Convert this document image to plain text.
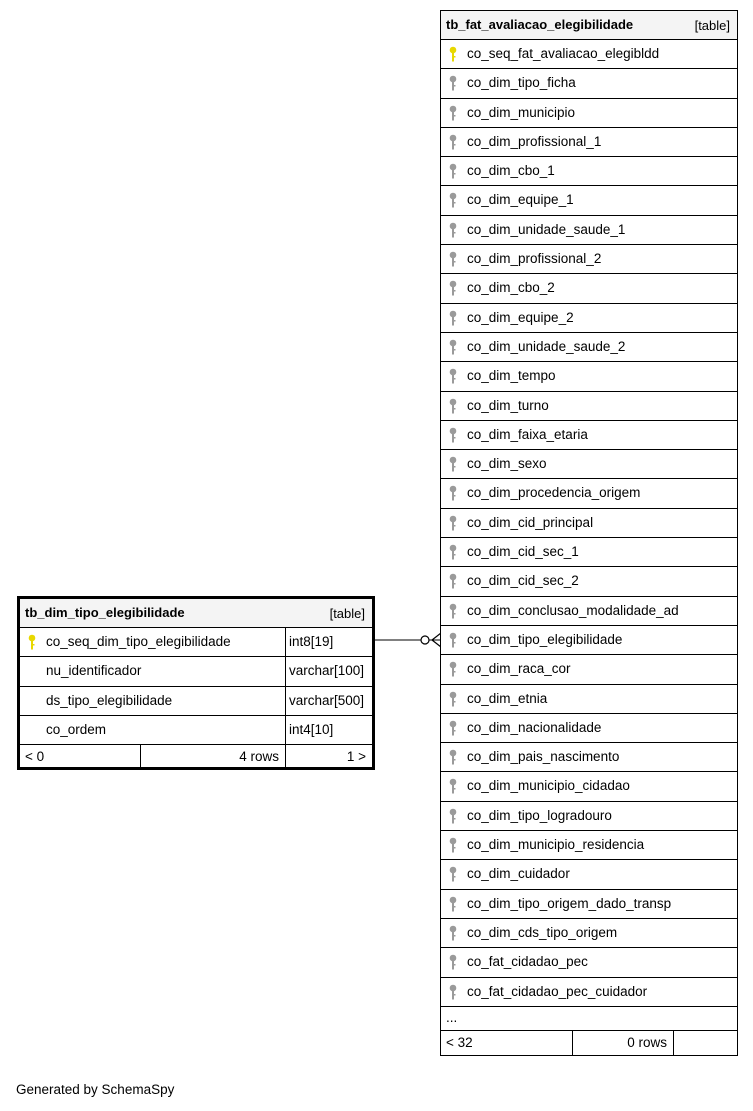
tb_fat_avaliacao_elegibilidade	[table]
co_seq_fat_avaliacao_elegibldd
co_dim_tipo_ficha
co_dim_municipio
co_dim_profissional_1
co_dim_cbo_1
co_dim_equipe_1
co_dim_unidade_saude_1
co_dim_profissional_2
co_dim_cbo_2
co_dim_equipe_2
co_dim_unidade_saude_2
co_dim_tempo
co_dim_turno
co_dim_faixa_etaria
co_dim_sexo
co_dim_procedencia_origem
co_dim_cid_principal
co_dim_cid_sec_1
co_dim_cid_sec_2
co_dim_conclusao_modalidade_ad
co_dim_tipo_elegibilidade
co_dim_raca_cor
co_dim_etnia
co_dim_nacionalidade
co_dim_pais_nascimento
co_dim_municipio_cidadao
co_dim_tipo_logradouro
co_dim_municipio_residencia
co_dim_cuidador
co_dim_tipo_origem_dado_transp
co_dim_cds_tipo_origem
co_fat_cidadao_pec
co_fat_cidadao_pec_cuidador
...
< 32	0 rows
tb_dim_tipo_elegibilidade	[table]
co_seq_dim_tipo_elegibilidade	int8[19]
nu_identificador	varchar[100]
ds_tipo_elegibilidade	varchar[500]
co_ordem	int4[10]
< 0	4 rows	1 >
Generated by SchemaSpy
